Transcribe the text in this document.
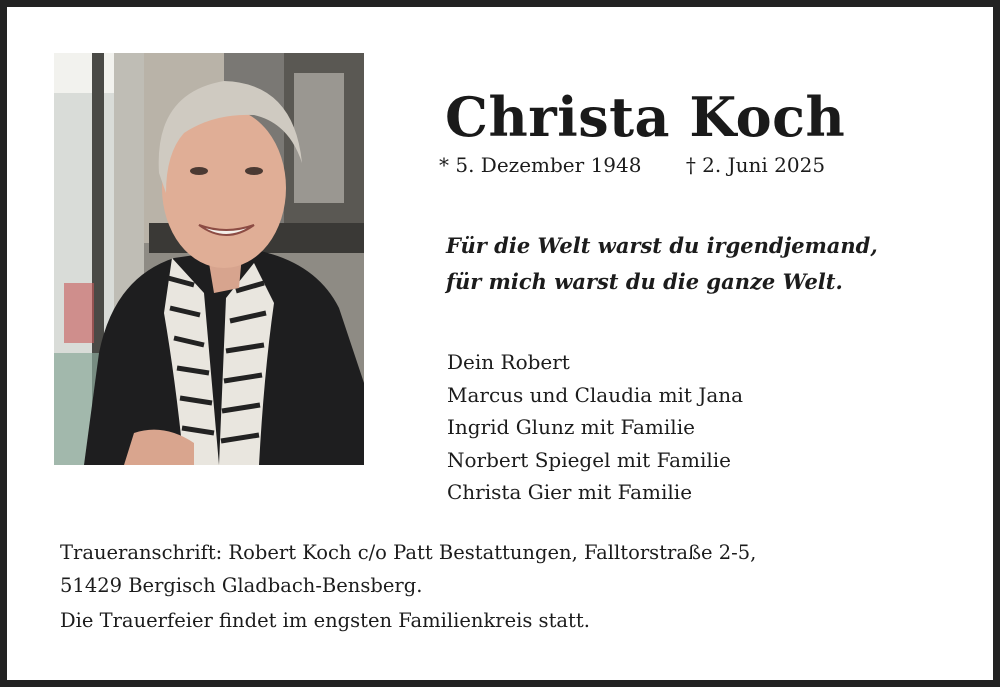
Christa Koch
* 5. Dezember 1948 † 2. Juni 2025
Für die Welt warst du irgendjemand,
für mich warst du die ganze Welt.
Dein Robert
Marcus und Claudia mit Jana
Ingrid Glunz mit Familie
Norbert Spiegel mit Familie
Christa Gier mit Familie
Traueranschrift: Robert Koch c/o Patt Bestattungen, Falltorstraße 2-5,
51429 Bergisch Gladbach-Bensberg.
Die Trauerfeier findet im engsten Familienkreis statt.
